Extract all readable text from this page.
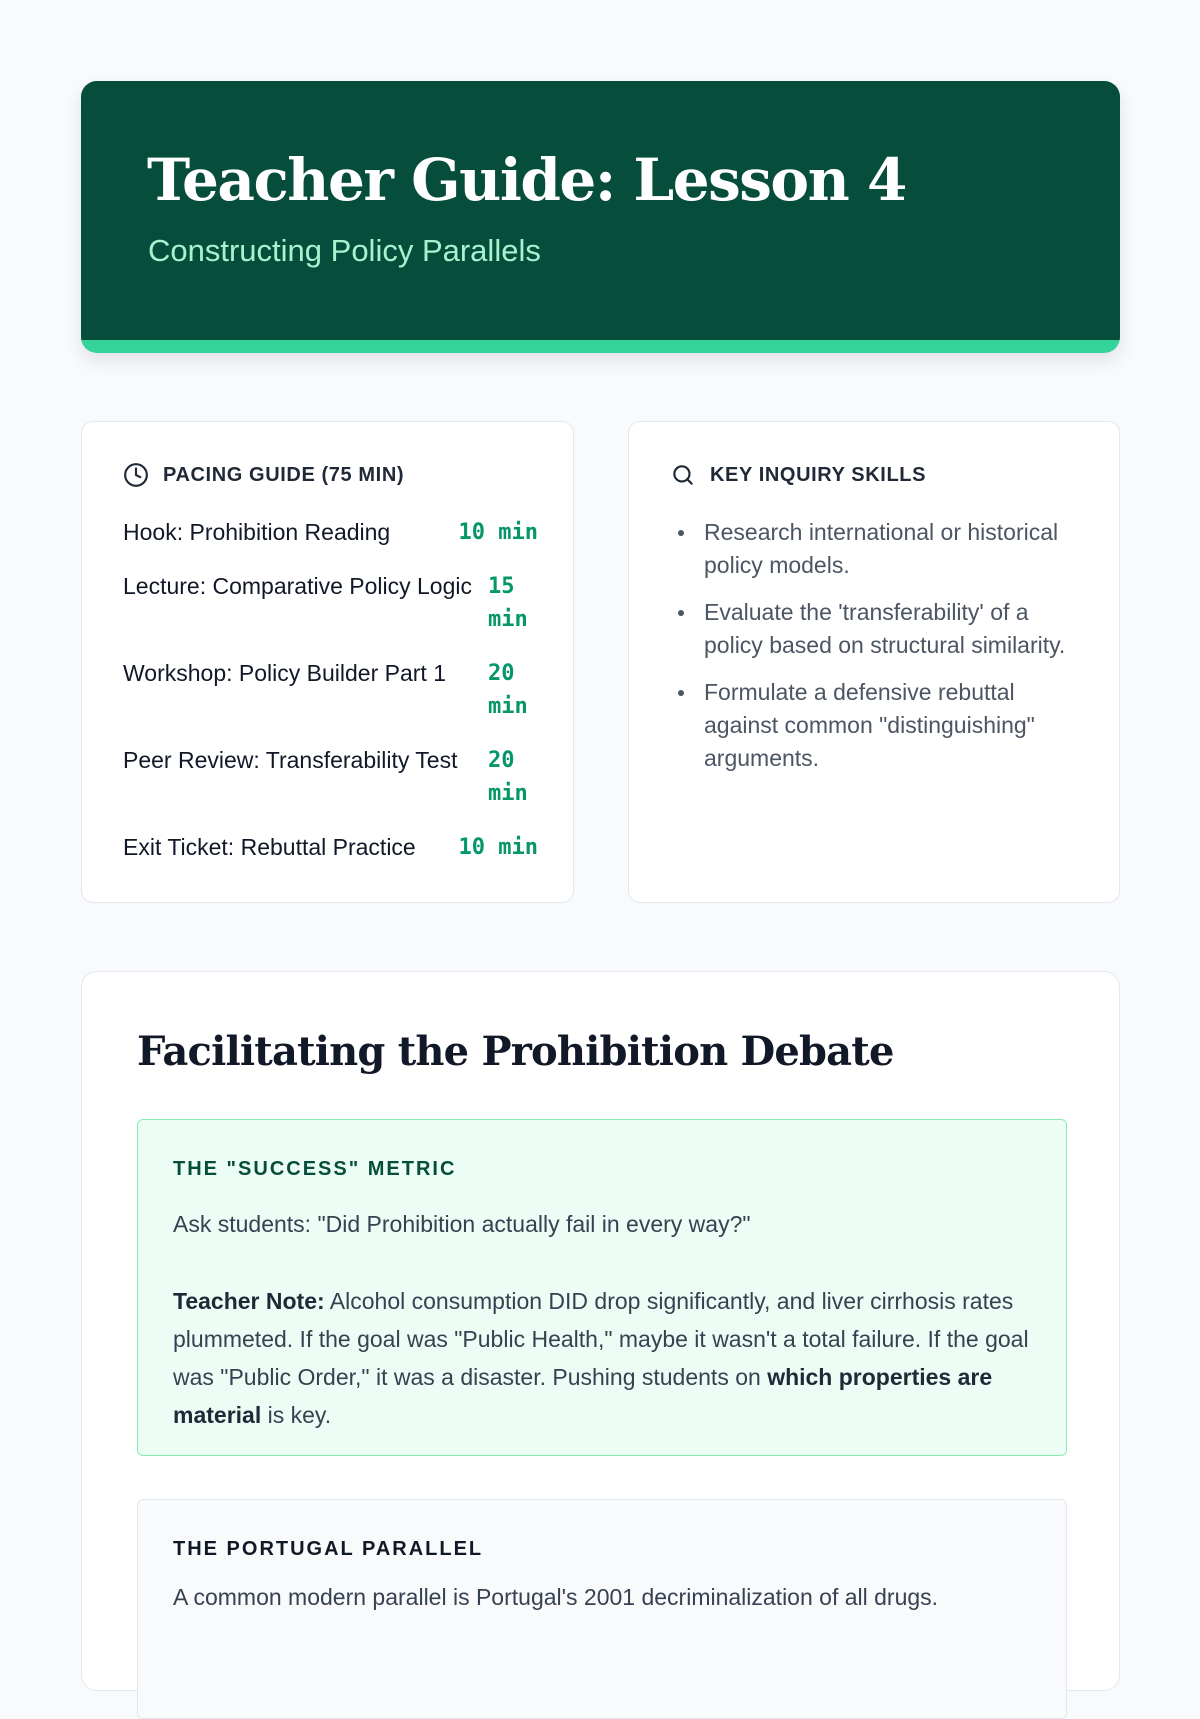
Teacher Guide: Lesson 4

Constructing Policy Parallels

PACING GUIDE (75 MIN)
Hook: Prohibition Reading	10 min
Lecture: Comparative Policy Logic 15 min
Workshop: Policy Builder Part 1	20 min
Peer Review: Transferability Test	20 min
Exit Ticket: Rebuttal Practice	10 min
KEY INQUIRY SKILLS
Research international or historical policy models.
Evaluate the 'transferability' of a policy based on structural similarity.
Formulate a defensive rebuttal against common "distinguishing" arguments.
Facilitating the Prohibition Debate
THE "SUCCESS" METRIC

Ask students: "Did Prohibition actually fail in every way?"

Teacher Note: Alcohol consumption DID drop significantly, and liver cirrhosis rates plummeted. If the goal was "Public Health," maybe it wasn't a total failure. If the goal was "Public Order," it was a disaster. Pushing students on which properties are material is key.

THE PORTUGAL PARALLEL

A common modern parallel is Portugal's 2001 decriminalization of all drugs.
